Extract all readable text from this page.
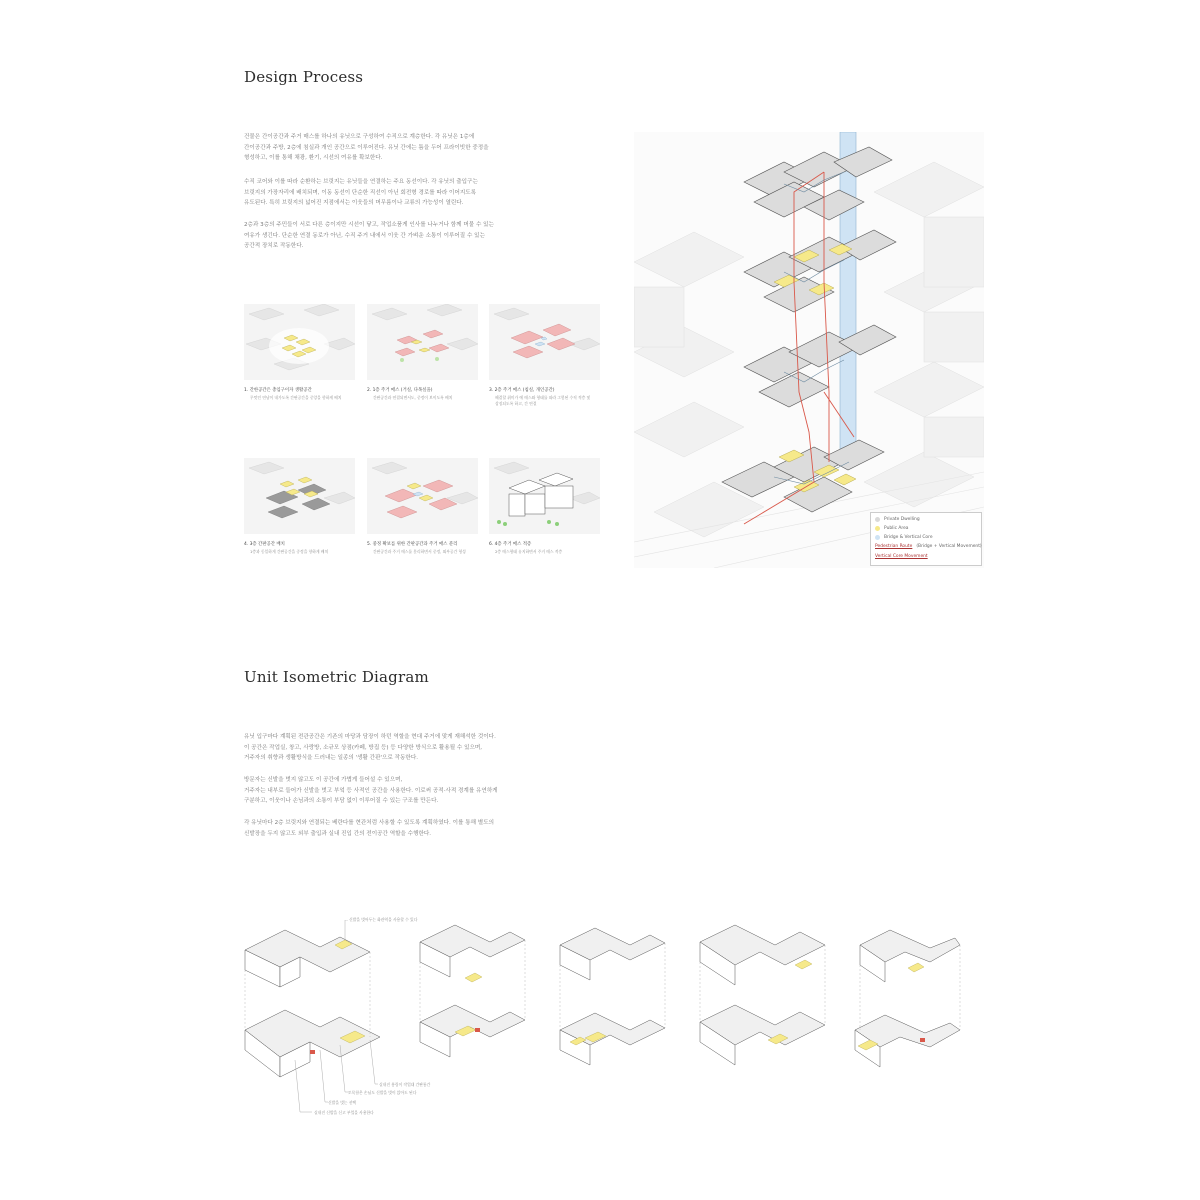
Design Process
건물은 간이공간과 주거 매스를 하나의 유닛으로 구성하여 수직으로 계층한다. 각 유닛은 1층에
간이공간과 주방, 2층에 침실과 개인 공간으로 이루어진다. 유닛 간에는 틈을 두어 프라이빗한 중정을
형성하고, 이를 통해 채광, 환기, 시선의 여유를 확보한다.
수직 코어와 이를 따라 순환하는 브릿지는 유닛들을 연결하는 주요 동선이다. 각 유닛의 출입구는
브릿지의 가장자리에 배치되며, 이동 동선이 단순한 직선이 아닌 회전형 경로를 따라 이어지도록
유도된다. 특히 브릿지의 넓어진 지점에서는 이웃들의 머무름이나 교류의 가능성이 열린다.
2층과 3층의 주민들이 서로 다른 층이지만 시선이 닿고, 작업소품게 인사를 나누거나 함께 머물 수 있는
여유가 생긴다. 단순한 연결 동로가 아닌, 수직 주거 내에서 이웃 간 가벼운 소통이 이루어질 수 있는
공간적 장치로 작동한다.
1. 간한공간은 총입구이자 생활공간
무엇인 연남이 내가도록 간판공간을 중앙을 향하게 배치
2. 1층 주거 매스 (거실, 다목실을)
간판공간과 연결되면서도, 중정이 보이도록 배치
3. 2층 주거 매스 (침실, 개인공간)
해결할 취미가 에 매스와 형태를 따라 그렇된 수직 적층 및
상징되도록 하고, 간 연결
4. 3층 간판공간 배치
1층과 동일하게 간판공간을 중정을 향하게 배치
5. 중정 확보를 위한 간판공간과 주거 매스 분리
간판공간과 주거 매스를 분리하면서 중정, 외부공간 형성
6. 4층 주거 매스 적층
2층 매스형태 유지하면서 주거 매스 적층
Private Dwelling
Public Area
Bridge & Vertical Core
Pedestrian Route (Bridge + Vertical Movement)
Vertical Core Movement
Unit Isometric Diagram
유닛 입구마다 계획된 전관공간은 기존의 마당과 담장이 하던 역할을 현대 주거에 맞게 재해석한 것이다.
이 공간은 작업실, 창고, 사랑방, 소규모 상점(카페, 방집 등) 등 다양한 방식으로 활용될 수 있으며,
거주자의 취향과 생활방식을 드러내는 일종의 '생활 간판'으로 작동한다.
방문자는 신발을 벗지 않고도 이 공간에 가볍게 들어설 수 있으며,
거주자는 내부로 들어가 신발을 벗고 부엌 등 사적인 공간을 사용한다. 이로써 공적·사적 경계를 유연하게
구분하고, 이웃이나 손님과의 소통이 부담 없이 이루어질 수 있는 구조를 만든다.
각 유닛마다 2층 브릿지와 연결되는 베란다를 현관처럼 사용할 수 있도록 계획하였다. 이를 통해 별도의
신발장을 두지 않고도 외부 출입과 실내 진입 간의 전이공간 역할을 수행한다.
신발을 벗어두는 화관역을 사용할 수 있다
실내진 흥림이 작업대 간판통간
토목함은 손님도 신발을 벗이 앉아도 된다
신발을 벗는 선택
실내진 신발을 신고 부엌을 사용한다
